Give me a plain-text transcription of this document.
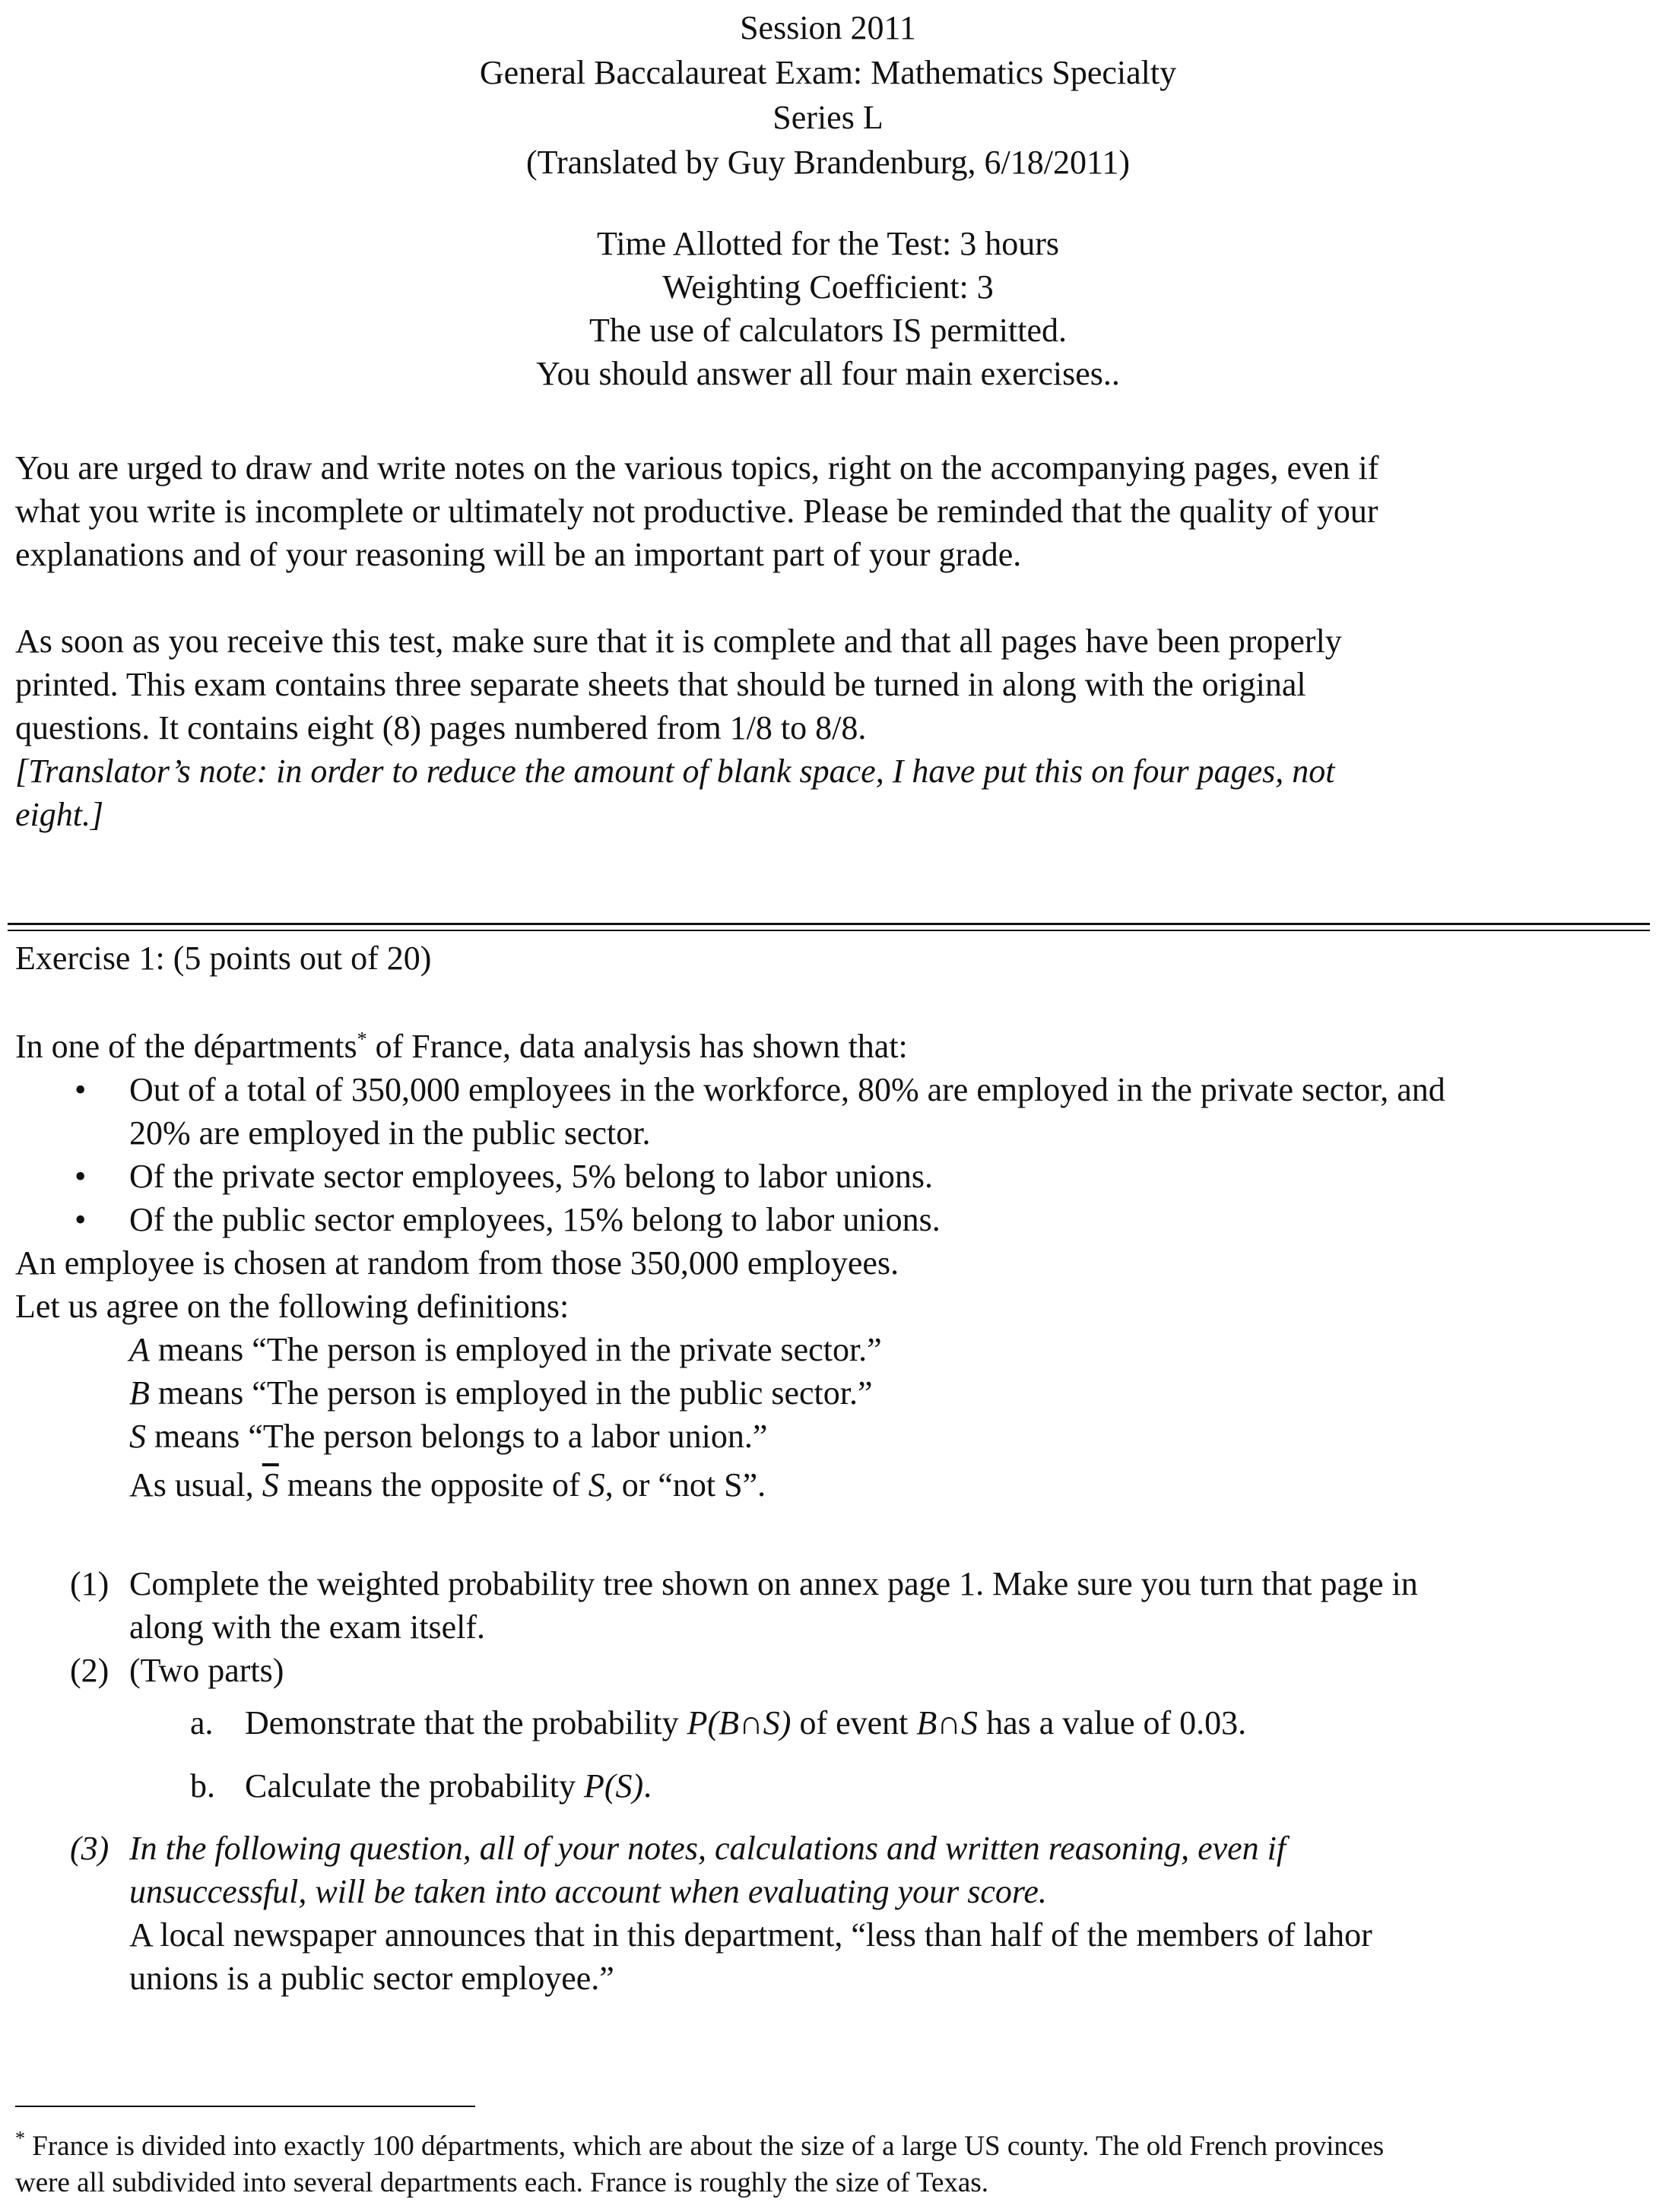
Session 2011
General Baccalaureat Exam: Mathematics Specialty
Series L
(Translated by Guy Brandenburg, 6/18/2011)
Time Allotted for the Test: 3 hours
Weighting Coefficient: 3
The use of calculators IS permitted.
You should answer all four main exercises..
You are urged to draw and write notes on the various topics, right on the accompanying pages, even if
what you write is incomplete or ultimately not productive. Please be reminded that the quality of your
explanations and of your reasoning will be an important part of your grade.
As soon as you receive this test, make sure that it is complete and that all pages have been properly
printed. This exam contains three separate sheets that should be turned in along with the original
questions. It contains eight (8) pages numbered from 1/8 to 8/8.
[Translator’s note: in order to reduce the amount of blank space, I have put this on four pages, not
eight.]
Exercise 1: (5 points out of 20)
In one of the départments* of France, data analysis has shown that:
• Out of a total of 350,000 employees in the workforce, 80% are employed in the private sector, and
20% are employed in the public sector.
• Of the private sector employees, 5% belong to labor unions.
• Of the public sector employees, 15% belong to labor unions.
An employee is chosen at random from those 350,000 employees.
Let us agree on the following definitions:
A means “The person is employed in the private sector.”
B means “The person is employed in the public sector.”
S means “The person belongs to a labor union.”
As usual, $\overline{S}$ means the opposite of S, or “not S”.
(1) Complete the weighted probability tree shown on annex page 1. Make sure you turn that page in
along with the exam itself.
(2) (Two parts)
a. Demonstrate that the probability P(B∩S) of event B∩S has a value of 0.03.
b. Calculate the probability P(S).
(3) In the following question, all of your notes, calculations and written reasoning, even if
unsuccessful, will be taken into account when evaluating your score.
A local newspaper announces that in this department, “less than half of the members of lahor
unions is a public sector employee.”
* France is divided into exactly 100 départments, which are about the size of a large US county. The old French provinces
were all subdivided into several departments each. France is roughly the size of Texas.
